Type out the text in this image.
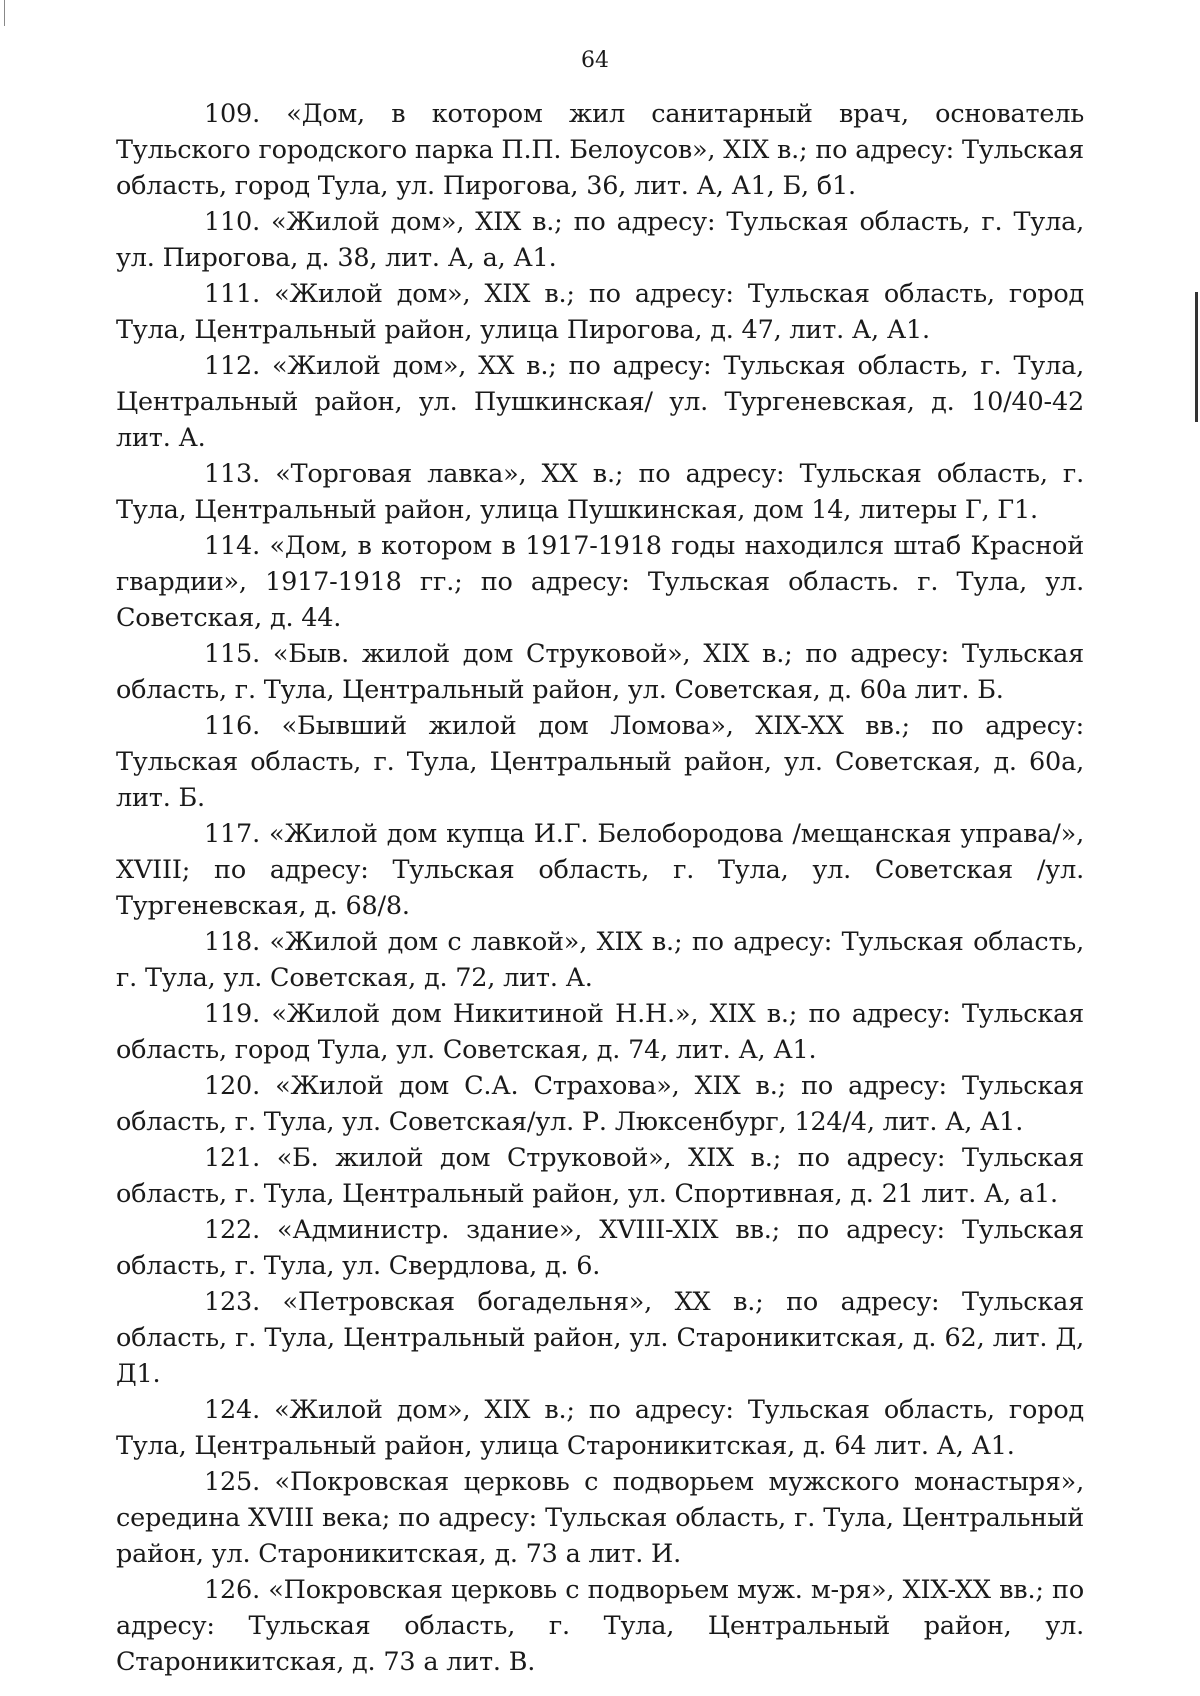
64
109. «Дом, в котором жил санитарный врач, основатель Тульского городского парка П.П. Белоусов», XIX в.; по адресу: Тульская область, город Тула, ул. Пирогова, 36, лит. А, А1, Б, б1.
110. «Жилой дом», XIX в.; по адресу: Тульская область, г. Тула, ул. Пирогова, д. 38, лит. А, а, А1.
111. «Жилой дом», XIX в.; по адресу: Тульская область, город Тула, Центральный район, улица Пирогова, д. 47, лит. А, А1.
112. «Жилой дом», XX в.; по адресу: Тульская область, г. Тула, Центральный район, ул. Пушкинская/ ул. Тургеневская, д. 10/40-42 лит. А.
113. «Торговая лавка», XX в.; по адресу: Тульская область, г. Тула, Центральный район, улица Пушкинская, дом 14, литеры Г, Г1.
114. «Дом, в котором в 1917-1918 годы находился штаб Красной гвардии», 1917-1918 гг.; по адресу: Тульская область. г. Тула, ул. Советская, д. 44.
115. «Быв. жилой дом Струковой», XIX в.; по адресу: Тульская область, г. Тула, Центральный район, ул. Советская, д. 60а лит. Б.
116. «Бывший жилой дом Ломова», XIX-XX вв.; по адресу: Тульская область, г. Тула, Центральный район, ул. Советская, д. 60а, лит. Б.
117. «Жилой дом купца И.Г. Белобородова /мещанская управа/», XVIII; по адресу: Тульская область, г. Тула, ул. Советская /ул. Тургеневская, д. 68/8.
118. «Жилой дом с лавкой», XIX в.; по адресу: Тульская область, г. Тула, ул. Советская, д. 72, лит. А.
119. «Жилой дом Никитиной Н.Н.», XIX в.; по адресу: Тульская область, город Тула, ул. Советская, д. 74, лит. А, А1.
120. «Жилой дом С.А. Страхова», XIX в.; по адресу: Тульская область, г. Тула, ул. Советская/ул. Р. Люксенбург, 124/4, лит. А, А1.
121. «Б. жилой дом Струковой», XIX в.; по адресу: Тульская область, г. Тула, Центральный район, ул. Спортивная, д. 21 лит. А, а1.
122. «Администр. здание», XVIII-XIX вв.; по адресу: Тульская область, г. Тула, ул. Свердлова, д. 6.
123. «Петровская богадельня», XX в.; по адресу: Тульская область, г. Тула, Центральный район, ул. Староникитская, д. 62, лит. Д, Д1.
124. «Жилой дом», XIX в.; по адресу: Тульская область, город Тула, Центральный район, улица Староникитская, д. 64 лит. А, А1.
125. «Покровская церковь с подворьем мужского монастыря», середина XVIII века; по адресу: Тульская область, г. Тула, Центральный район, ул. Староникитская, д. 73 а лит. И.
126. «Покровская церковь с подворьем муж. м-ря», XIX-XX вв.; по адресу: Тульская область, г. Тула, Центральный район, ул. Староникитская, д. 73 а лит. В.
